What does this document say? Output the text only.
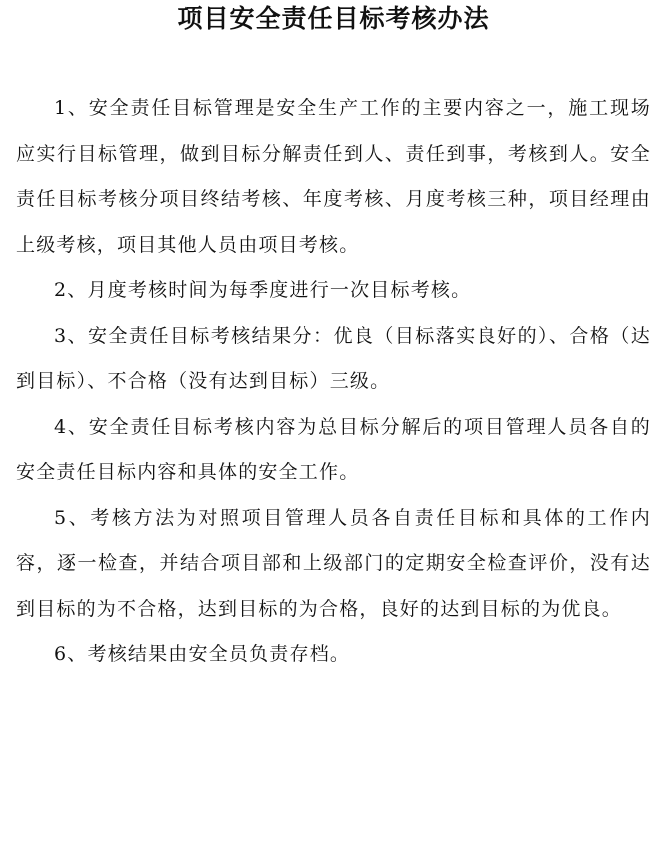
项目安全责任目标考核办法

1、安全责任目标管理是安全生产工作的主要内容之一，施工现场应实行目标管理，做到目标分解责任到人、责任到事，考核到人。安全责任目标考核分项目终结考核、年度考核、月度考核三种，项目经理由上级考核，项目其他人员由项目考核。

2、月度考核时间为每季度进行一次目标考核。

3、安全责任目标考核结果分：优良（目标落实良好的）、合格（达到目标）、不合格（没有达到目标）三级。

4、安全责任目标考核内容为总目标分解后的项目管理人员各自的安全责任目标内容和具体的安全工作。

5、考核方法为对照项目管理人员各自责任目标和具体的工作内容，逐一检查，并结合项目部和上级部门的定期安全检查评价，没有达到目标的为不合格，达到目标的为合格，良好的达到目标的为优良。

6、考核结果由安全员负责存档。
